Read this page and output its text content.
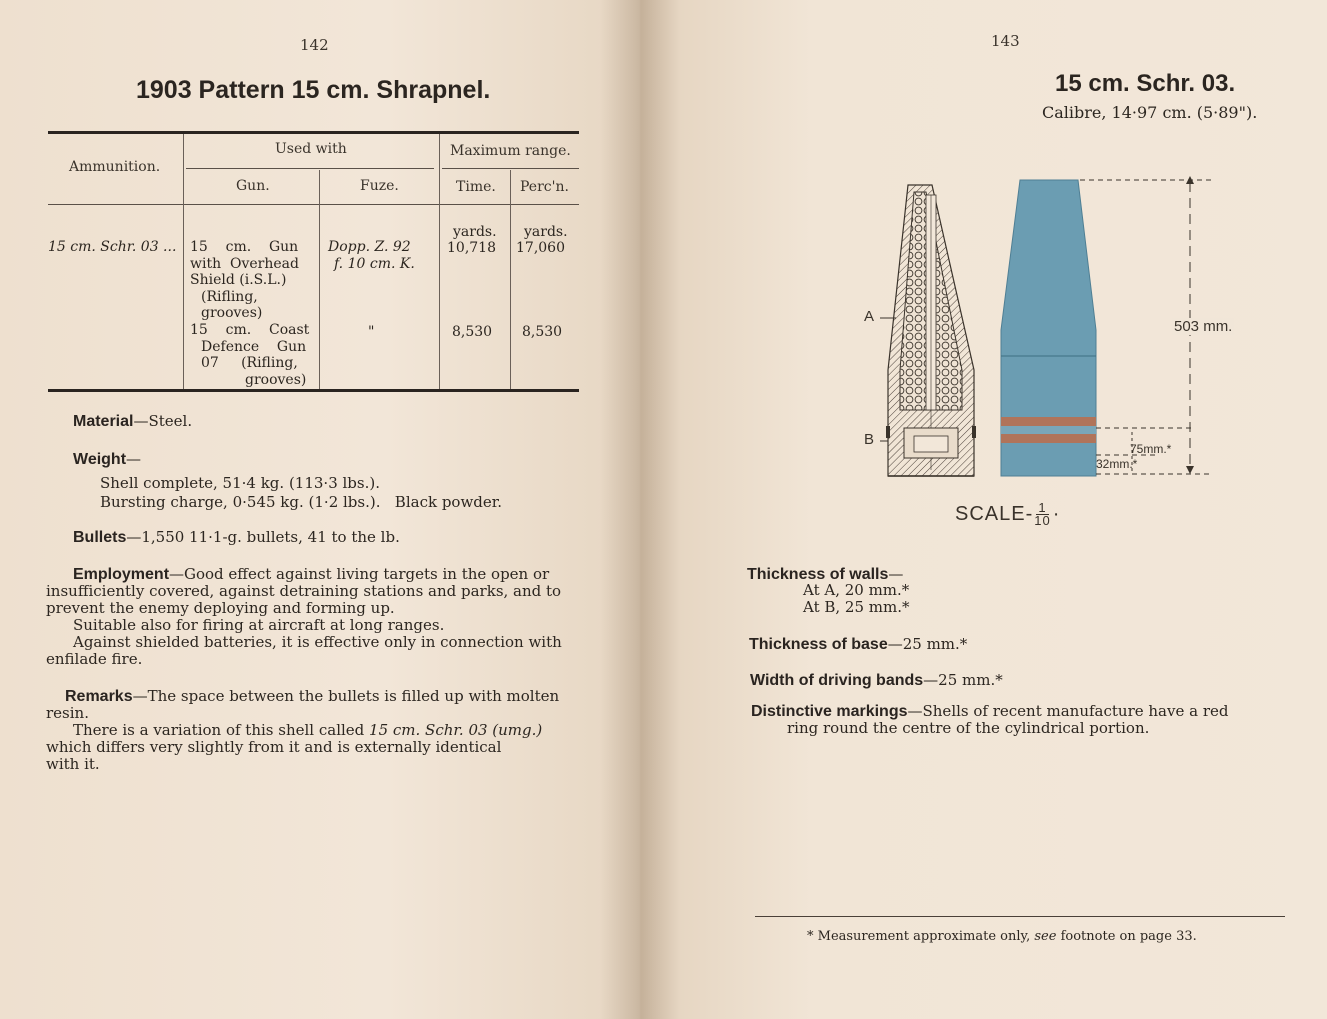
142
1903 Pattern 15 cm. Shrapnel.
Ammunition.
Used with
Gun.	Fuze.
Maximum range.
Time. Perc'n.
15 cm. Schr. 03 ...
yards. yards.
15    cm.    Gun
with  Overhead
Shield (i.S.L.)
(Rifling,
grooves)
Dopp. Z. 92
f. 10 cm. K.
10,718 17,060
15    cm.    Coast
Defence    Gun
07     (Rifling,
grooves)
"	8,530 8,530
Material—Steel.
Weight—
Shell complete, 51·4 kg. (113·3 lbs.).
Bursting charge, 0·545 kg. (1·2 lbs.).   Black powder.
Bullets—1,550 11·1-g. bullets, 41 to the lb.
Employment—Good effect against living targets in the open or
insufficiently covered, against detraining stations and parks, and to
prevent the enemy deploying and forming up.
Suitable also for firing at aircraft at long ranges.
Against shielded batteries, it is effective only in connection with
enfilade fire.
Remarks—The space between the bullets is filled up with molten
resin.
There is a variation of this shell called 15 cm. Schr. 03 (umg.)
which differs very slightly from it and is externally identical
with it.
143
15 cm. Schr. 03.
Calibre, 14·97 cm. (5·89").
A
B
503 mm.
75mm.*
32mm.*
SCALE- $\frac{1}{10}$ ·
Thickness of walls—
At A, 20 mm.*
At B, 25 mm.*
Thickness of base—25 mm.*
Width of driving bands—25 mm.*
Distinctive markings—Shells of recent manufacture have a red
ring round the centre of the cylindrical portion.
* Measurement approximate only, see footnote on page 33.
